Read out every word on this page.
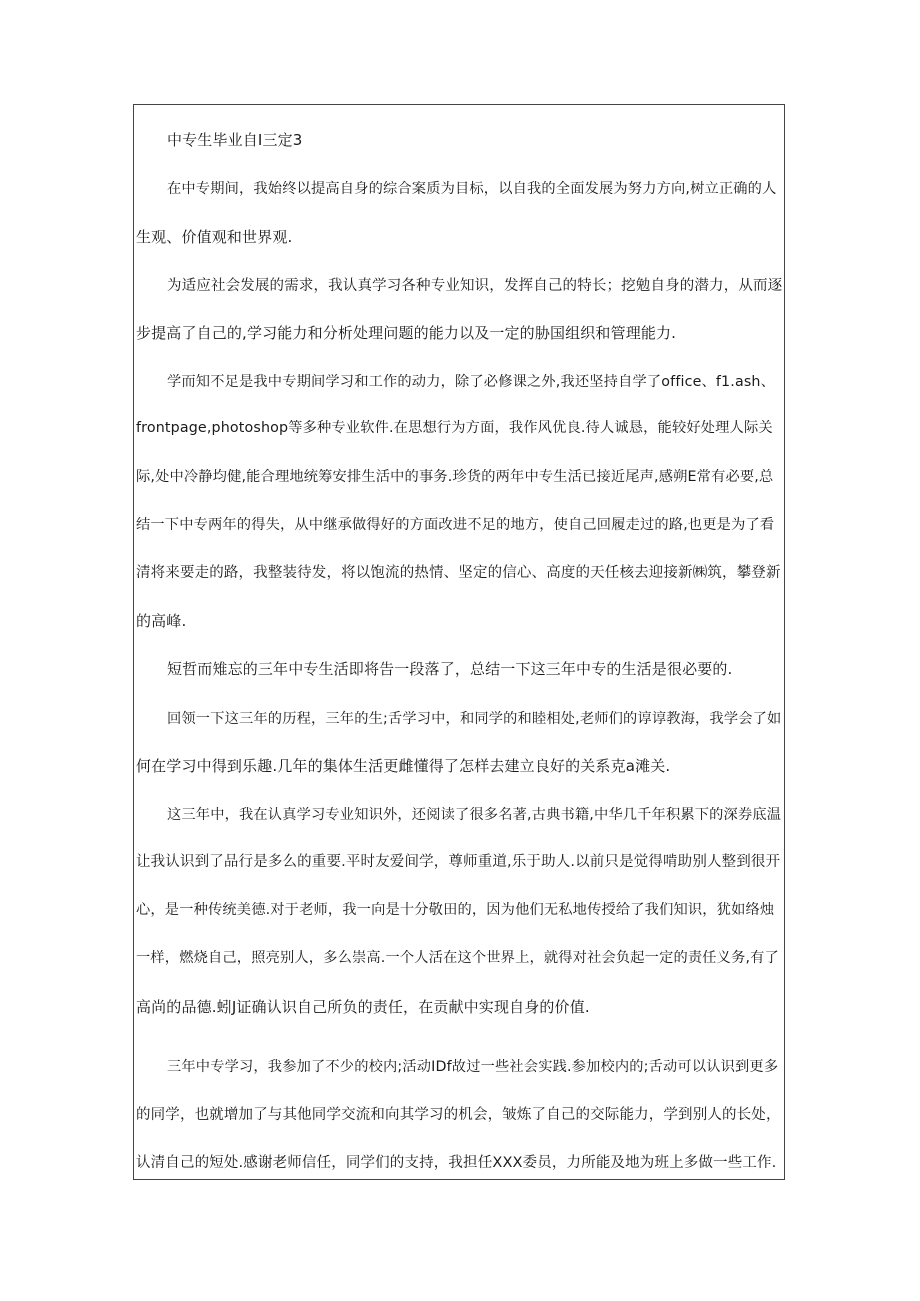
中专生毕业自I三定3
在中专期间，我始终以提高自身的综合案质为目标，以自我的全面发展为努力方向,树立正确的人
生观、价值观和世界观.
为适应社会发展的需求，我认真学习各种专业知识，发挥自己的特长；挖勉自身的潜力，从而逐
步提高了自己的,学习能力和分析处理问题的能力以及一定的胁国组织和管理能力.
学而知不足是我中专期间学习和工作的动力，除了必修课之外,我还坚持自学了office、f1.ash、
frontpage,photoshop等多种专业软件.在思想行为方面，我作风优良.待人诚恳，能较好处理人际关
际,处中冷静均健,能合理地统筹安排生活中的事务.珍货的两年中专生活已接近尾声,感朔E常有必要,总
结一下中专两年的得失，从中继承做得好的方面改进不足的地方，使自己回履走过的路,也更是为了看
清将来要走的路，我整装待发，将以饱流的热情、坚定的信心、高度的天任核去迎接新㈱筑，攀登新
的高峰.
短哲而雉忘的三年中专生活即将告一段落了，总结一下这三年中专的生活是很必要的.
回领一下这三年的历程，三年的生;舌学习中，和同学的和睦相处,老师们的谆谆教海，我学会了如
何在学习中得到乐趣.几年的集体生活更雌懂得了怎样去建立良好的关系克a滩关.
这三年中，我在认真学习专业知识外，还阅读了很多名著,古典书籍,中华几千年积累下的深券底温
让我认识到了品行是多么的重要.平时友爱间学，尊师重道,乐于助人.以前只是觉得啃助别人整到很开
心，是一种传统美德.对于老师，我一向是十分敬田的，因为他们无私地传授给了我们知识，犹如络烛
一样，燃烧自己，照亮别人，多么崇高.一个人活在这个世界上，就得对社会负起一定的责任义务,有了
高尚的品德.蚓J证确认识自己所负的责任，在贡献中实现自身的价值.
三年中专学习，我参加了不少的校内;活动IDf故过一些社会实践.参加校内的;舌动可以认识到更多
的同学，也就增加了与其他同学交流和向其学习的机会，皱炼了自己的交际能力，学到别人的长处，
认清自己的短处.感谢老师信任，同学们的支持，我担任XXX委员，力所能及地为班上多做一些工作.
